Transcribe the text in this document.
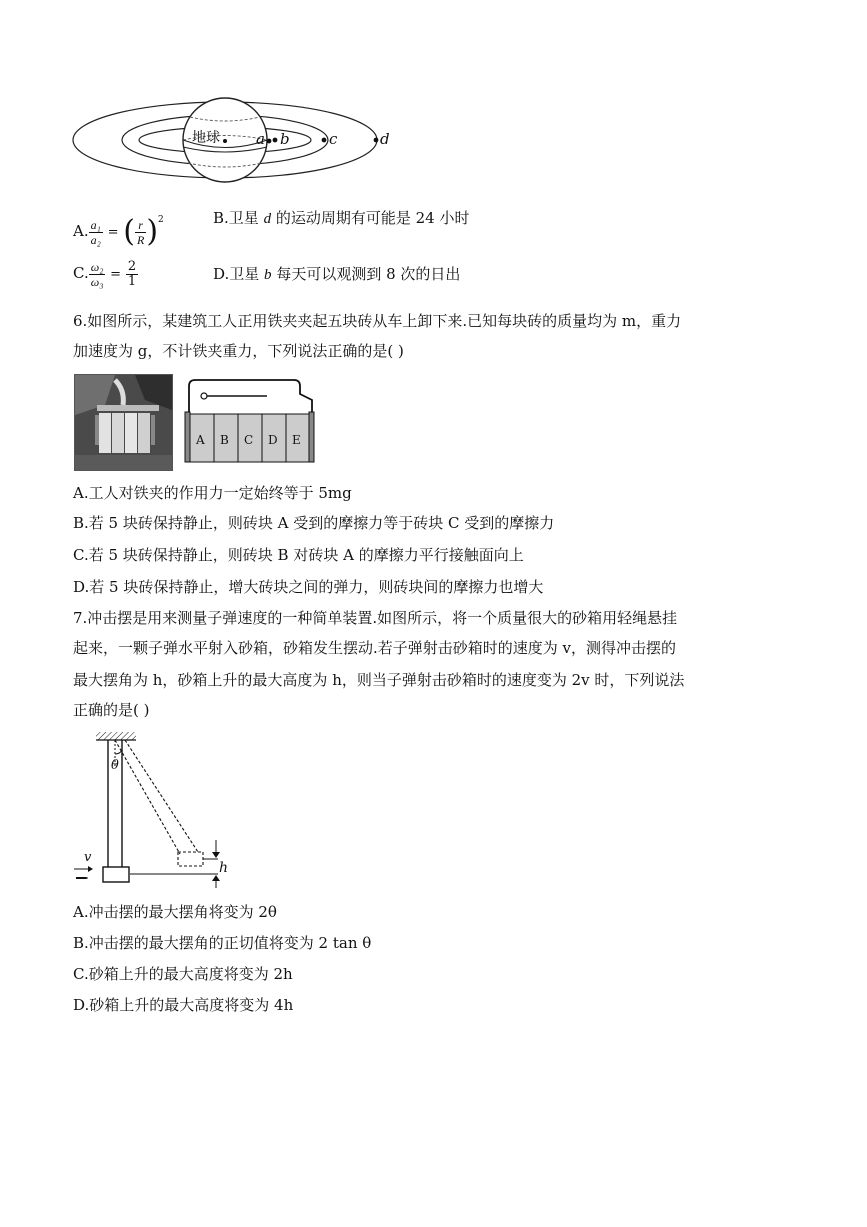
地球 a b	c	d
A. $\frac{\text{a₁}}{\text{a₂}}$ = ( $\frac{r}{R} )^2$	B.卫星 d 的运动周期有可能是 24 小时
C. $\frac{\text{ω₂}}{\text{ω₃}} = \frac{2}{1}$	D.卫星 b 每天可以观测到 8 次的日出
6.如图所示，某建筑工人正用铁夹夹起五块砖从车上卸下来.已知每块砖的质量均为 m，重力
加速度为 g，不计铁夹重力，下列说法正确的是( )
A B C D E
A.工人对铁夹的作用力一定始终等于 5mg
B.若 5 块砖保持静止，则砖块 A 受到的摩擦力等于砖块 C 受到的摩擦力
C.若 5 块砖保持静止，则砖块 B 对砖块 A 的摩擦力平行接触面向上
D.若 5 块砖保持静止，增大砖块之间的弹力，则砖块间的摩擦力也增大
7.冲击摆是用来测量子弹速度的一种简单装置.如图所示，将一个质量很大的砂箱用轻绳悬挂
起来，一颗子弹水平射入砂箱，砂箱发生摆动.若子弹射击砂箱时的速度为 v，测得冲击摆的
最大摆角为 h，砂箱上升的最大高度为 h，则当子弹射击砂箱时的速度变为 2v 时，下列说法
正确的是( )
θ
v
h
A.冲击摆的最大摆角将变为 2θ
B.冲击摆的最大摆角的正切值将变为 2 tan θ
C.砂箱上升的最大高度将变为 2h
D.砂箱上升的最大高度将变为 4h
